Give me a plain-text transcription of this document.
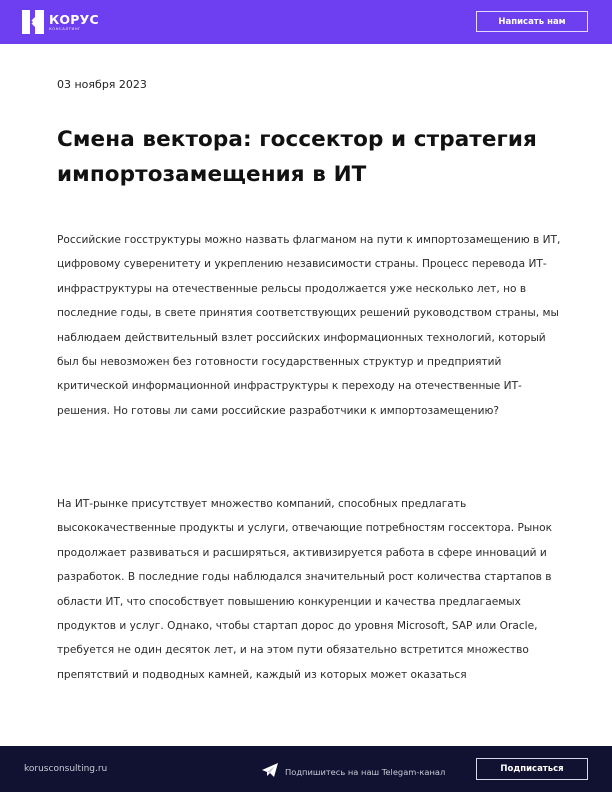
КОРУС
КОНСАЛТИНГ
Написать нам
03 ноября 2023
Смена вектора: госсектор и стратегия импортозамещения в ИТ
Российские госструктуры можно назвать флагманом на пути к импортозамещению в ИТ, цифровому суверенитету и укреплению независимости страны. Процесс перевода ИТ-инфраструктуры на отечественные рельсы продолжается уже несколько лет, но в последние годы, в свете принятия соответствующих решений руководством страны, мы наблюдаем действительный взлет российских информационных технологий, который был бы невозможен без готовности государственных структур и предприятий критической информационной инфраструктуры к переходу на отечественные ИТ-решения. Но готовы ли сами российские разработчики к импортозамещению?
На ИТ-рынке присутствует множество компаний, способных предлагать высококачественные продукты и услуги, отвечающие потребностям госсектора. Рынок продолжает развиваться и расширяться, активизируется работа в сфере инноваций и разработок. В последние годы наблюдался значительный рост количества стартапов в области ИТ, что способствует повышению конкуренции и качества предлагаемых продуктов и услуг. Однако, чтобы стартап дорос до уровня Microsoft, SAP или Oracle, требуется не один десяток лет, и на этом пути обязательно встретится множество препятствий и подводных камней, каждый из которых может оказаться
korusconsulting.ru	Подпишитесь на наш Telegam-канал	Подписаться
